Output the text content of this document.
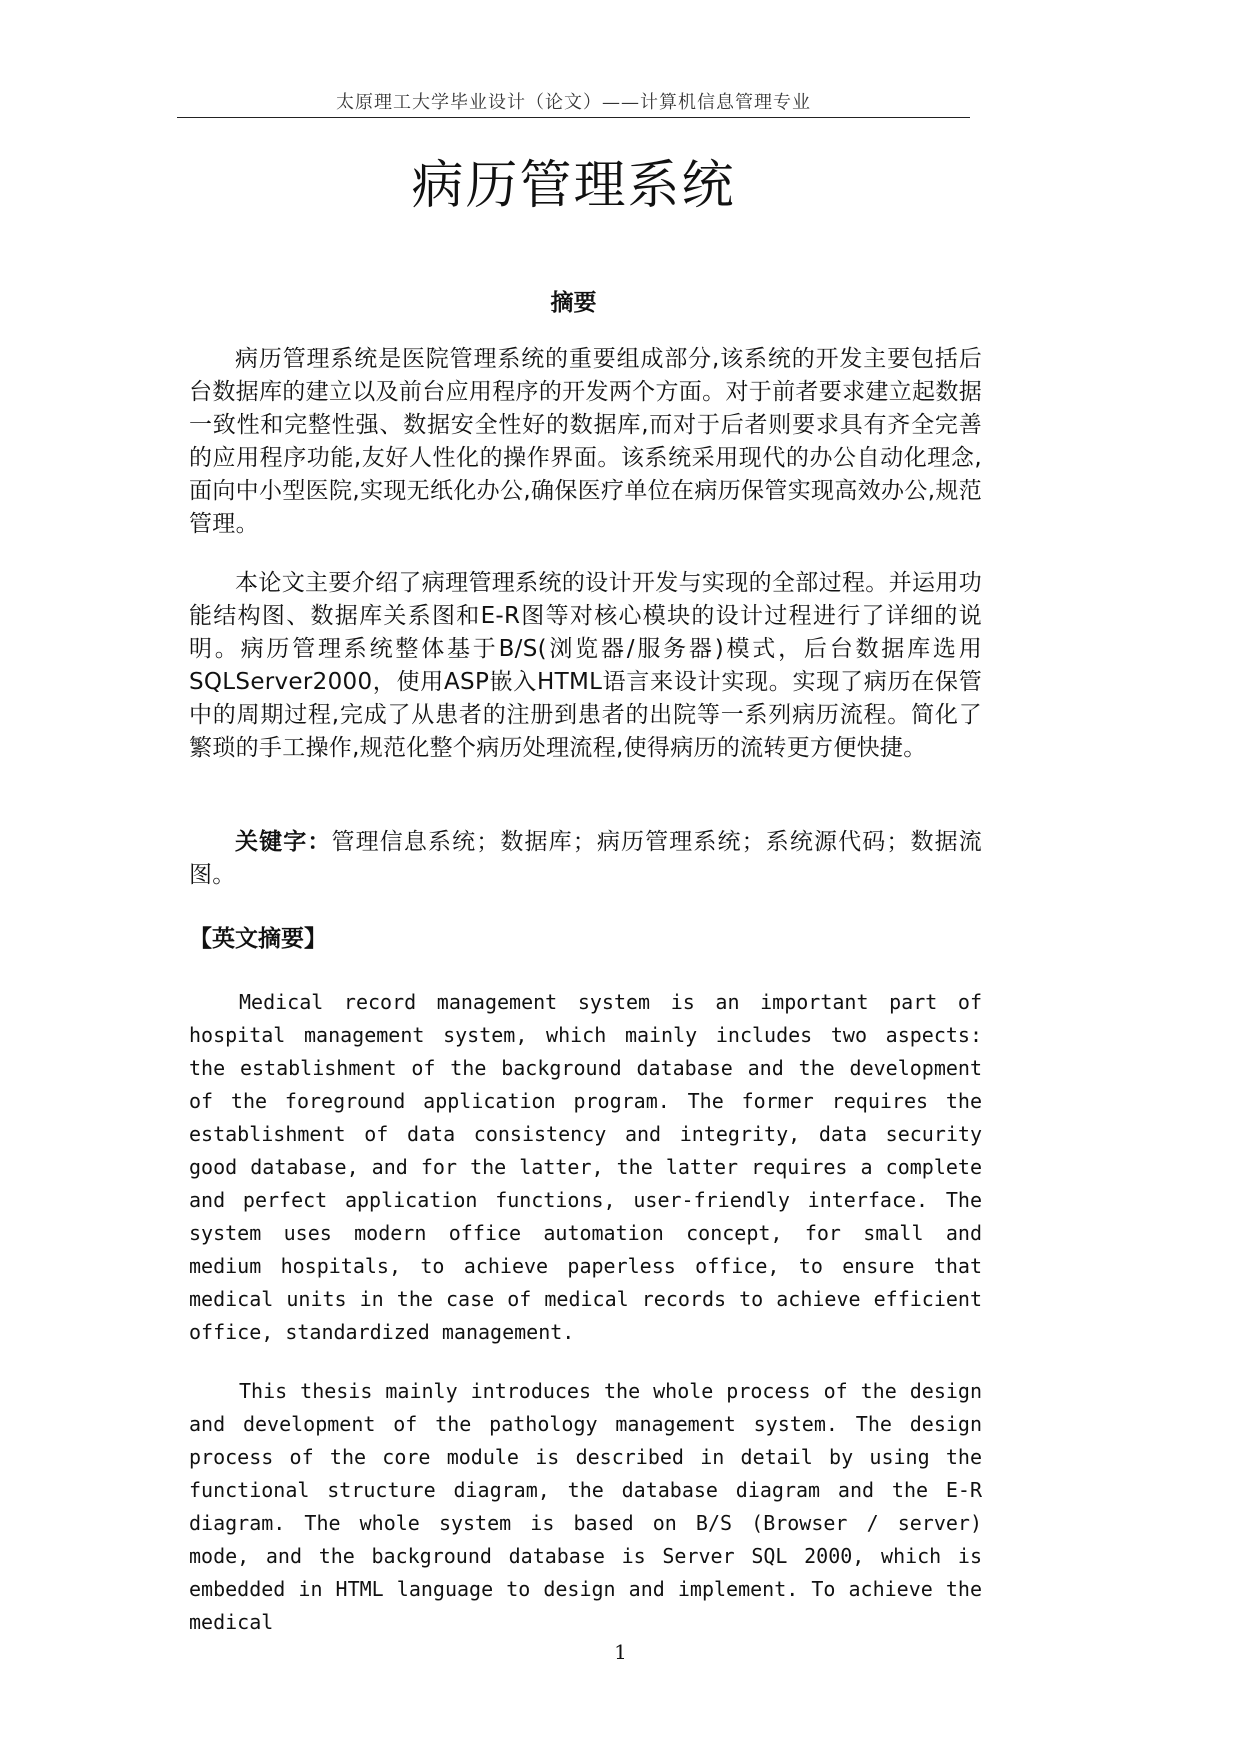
太原理工大学毕业设计（论文）——计算机信息管理专业
病历管理系统
摘要
病历管理系统是医院管理系统的重要组成部分,该系统的开发主要包括后台数据库的建立以及前台应用程序的开发两个方面。对于前者要求建立起数据一致性和完整性强、数据安全性好的数据库,而对于后者则要求具有齐全完善的应用程序功能,友好人性化的操作界面。该系统采用现代的办公自动化理念,面向中小型医院,实现无纸化办公,确保医疗单位在病历保管实现高效办公,规范管理。
本论文主要介绍了病理管理系统的设计开发与实现的全部过程。并运用功能结构图、数据库关系图和E-R图等对核心模块的设计过程进行了详细的说明。病历管理系统整体基于B/S(浏览器/服务器)模式，后台数据库选用SQLServer2000，使用ASP嵌入HTML语言来设计实现。实现了病历在保管中的周期过程,完成了从患者的注册到患者的出院等一系列病历流程。简化了繁琐的手工操作,规范化整个病历处理流程,使得病历的流转更方便快捷。
关键字：管理信息系统；数据库；病历管理系统；系统源代码；数据流图。
【英文摘要】
Medical record management system is an important part of hospital management system, which mainly includes two aspects: the establishment of the background database and the development of the foreground application program. The former requires the establishment of data consistency and integrity, data security good database, and for the latter, the latter requires a complete and perfect application functions, user-friendly interface. The system uses modern office automation concept, for small and medium hospitals, to achieve paperless office, to ensure that medical units in the case of medical records to achieve efficient office, standardized management.
This thesis mainly introduces the whole process of the design and development of the pathology management system. The design process of the core module is described in detail by using the functional structure diagram, the database diagram and the E-R diagram. The whole system is based on B/S (Browser / server) mode, and the background database is Server SQL 2000, which is embedded in HTML language to design and implement. To achieve the medical
1
